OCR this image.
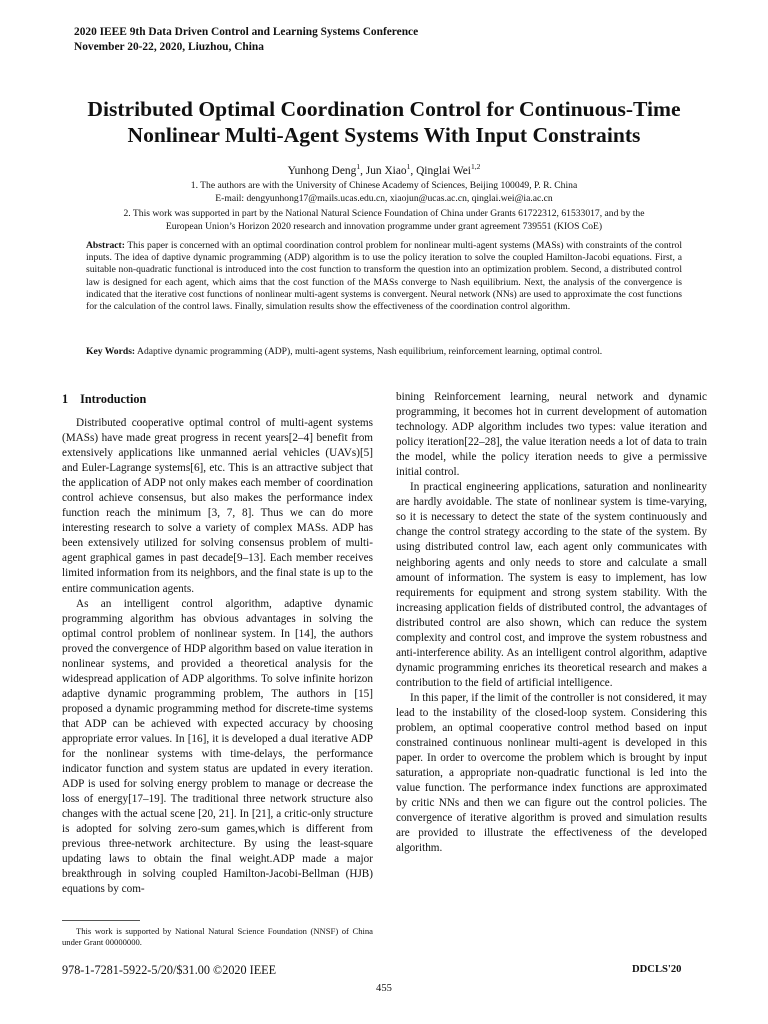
2020 IEEE 9th Data Driven Control and Learning Systems Conference
November 20-22, 2020, Liuzhou, China
Distributed Optimal Coordination Control for Continuous-Time
Nonlinear Multi-Agent Systems With Input Constraints
Yunhong Deng$^1$, Jun Xiao$^1$, Qinglai Wei$^{1,2}$
1. The authors are with the University of Chinese Academy of Sciences, Beijing 100049, P. R. China
E-mail: dengyunhong17@mails.ucas.edu.cn, xiaojun@ucas.ac.cn, qinglai.wei@ia.ac.cn
2. This work was supported in part by the National Natural Science Foundation of China under Grants 61722312, 61533017, and by the
European Union’s Horizon 2020 research and innovation programme under grant agreement 739551 (KIOS CoE)
Abstract: This paper is concerned with an optimal coordination control problem for nonlinear multi-agent systems (MASs) with constraints of the control inputs. The idea of daptive dynamic programming (ADP) algorithm is to use the policy iteration to solve the coupled Hamilton-Jacobi equations. First, a suitable non-quadratic functional is introduced into the cost function to transform the question into an optimization problem. Second, a distributed control law is designed for each agent, which aims that the cost function of the MASs converge to Nash equilibrium. Next, the analysis of the convergence is indicated that the iterative cost functions of nonlinear multi-agent systems is convergent. Neural network (NNs) are used to approximate the cost functions for the calculation of the control laws. Finally, simulation results show the effectiveness of the coordination control algorithm.
Key Words: Adaptive dynamic programming (ADP), multi-agent systems, Nash equilibrium, reinforcement learning, optimal control.
1 Introduction

Distributed cooperative optimal control of multi-agent systems (MASs) have made great progress in recent years[2–4] benefit from extensively applications like unmanned aerial vehicles (UAVs)[5] and Euler-Lagrange systems[6], etc. This is an attractive subject that the application of ADP not only makes each member of coordination control achieve consensus, but also makes the performance index function reach the minimum [3, 7, 8]. Thus we can do more interesting research to solve a variety of complex MASs. ADP has been extensively utilized for solving consensus problem of multi-agent graphical games in past decade[9–13]. Each member receives limited information from its neighbors, and the final state is up to the entire communication agents.

As an intelligent control algorithm, adaptive dynamic programming algorithm has obvious advantages in solving the optimal control problem of nonlinear system. In [14], the authors proved the convergence of HDP algorithm based on value iteration in nonlinear systems, and provided a theoretical analysis for the widespread application of ADP algorithms. To solve infinite horizon adaptive dynamic programming problem, The authors in [15] proposed a dynamic programming method for discrete-time systems that ADP can be achieved with expected accuracy by choosing appropriate error values. In [16], it is developed a dual iterative ADP for the nonlinear systems with time-delays, the performance indicator function and system status are updated in every iteration. ADP is used for solving energy problem to manage or decrease the loss of energy[17–19]. The traditional three network structure also changes with the actual scene [20, 21]. In [21], a critic-only structure is adopted for solving zero-sum games,which is different from previous three-network architecture. By using the least-square updating laws to obtain the final weight.ADP made a major breakthrough in solving coupled Hamilton-Jacobi-Bellman (HJB) equations by com-

bining Reinforcement learning, neural network and dynamic programming, it becomes hot in current development of automation technology. ADP algorithm includes two types: value iteration and policy iteration[22–28], the value iteration needs a lot of data to train the model, while the policy iteration needs to give a permissive initial control.

In practical engineering applications, saturation and nonlinearity are hardly avoidable. The state of nonlinear system is time-varying, so it is necessary to detect the state of the system continuously and change the control strategy according to the state of the system. By using distributed control law, each agent only communicates with neighboring agents and only needs to store and calculate a small amount of information. The system is easy to implement, has low requirements for equipment and strong system stability. With the increasing application fields of distributed control, the advantages of distributed control are also shown, which can reduce the system complexity and control cost, and improve the system robustness and anti-interference ability. As an intelligent control algorithm, adaptive dynamic programming enriches its theoretical research and makes a contribution to the field of artificial intelligence.

In this paper, if the limit of the controller is not considered, it may lead to the instability of the closed-loop system. Considering this problem, an optimal cooperative control method based on input constrained continuous nonlinear multi-agent is developed in this paper. In order to overcome the problem which is brought by input saturation, a appropriate non-quadratic functional is led into the value function. The performance index functions are approximated by critic NNs and then we can figure out the control policies. The convergence of iterative algorithm is proved and simulation results are provided to illustrate the effectiveness of the developed algorithm.

This work is supported by National Natural Science Foundation (NNSF) of China under Grant 00000000.
978-1-7281-5922-5/20/$31.00 ©2020 IEEE	DDCLS'20
455
